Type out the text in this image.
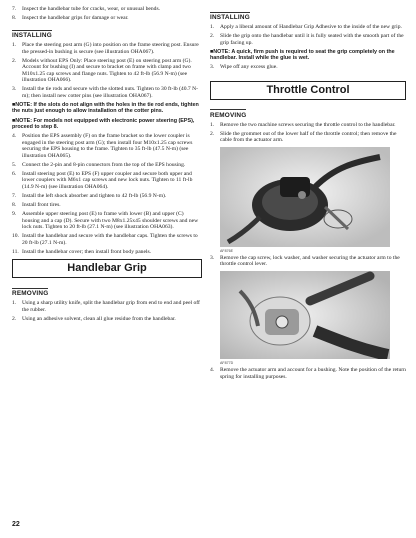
7. Inspect the handlebar tube for cracks, wear, or unusual bends.
8. Inspect the handlebar grips for damage or wear.
INSTALLING
1. Place the steering post arm (G) into position on the frame steering post. Ensure the pressed-in bushing is secure (see illustration OHA067).
2. Models without EPS Only: Place steering post (E) on steering post arm (G). Account for bushing (I) and secure to bracket on frame with clamp and two M10x1.25 cap screws and flange nuts. Tighten to 42 ft-lb (56.9 N-m) (see illustration OHA066).
3. Install the tie rods and secure with the slotted nuts. Tighten to 30 ft-lb (40.7 N-m); then install new cotter pins (see illustration OHA067).

■NOTE: If the slots do not align with the holes in the tie rod ends, tighten the nuts just enough to allow installation of the cotter pins.

■NOTE: For models not equipped with electronic power steering (EPS), proceed to step 8.

4. Position the EPS assembly (F) on the frame bracket so the lower coupler is engaged in the steering post arm (G); then install four M10x1.25 cap screws securing the EPS housing to the frame. Tighten to 35 ft-lb (47.5 N-m) (see illustration OHA065).
5. Connect the 2-pin and 8-pin connectors from the top of the EPS housing.
6. Install steering post (E) to EPS (F) upper coupler and secure both upper and lower couplers with M6x1 cap screws and new lock nuts. Tighten to 11 ft-lb (14.9 N-m) (see illustration OHA064).
7. Install the left shock absorber and tighten to 42 ft-lb (56.9 N-m).
8. Install front tires.
9. Assemble upper steering post (E) to frame with lower (B) and upper (C) housing and a cap (D). Secure with two M8x1.25x45 shoulder screws and new lock nuts. Tighten to 20 ft-lb (27.1 N-m) (see illustration OHA063).
10. Install the handlebar and secure with the handlebar caps. Tighten the screws to 20 ft-lb (27.1 N-m).
11. Install the handlebar cover; then install front body panels.
Handlebar Grip
REMOVING
1. Using a sharp utility knife, split the handlebar grip from end to end and peel off the rubber.
2. Using an adhesive solvent, clean all glue residue from the handlebar.
INSTALLING
1. Apply a liberal amount of Handlebar Grip Adhesive to the inside of the new grip.
2. Slide the grip onto the handlebar until it is fully seated with the smooth part of the grip facing up.

■NOTE: A quick, firm push is required to seat the grip completely on the handlebar. Install while the glue is wet.

3. Wipe off any excess glue.
Throttle Control
REMOVING
1. Remove the two machine screws securing the throttle control to the handlebar.
2. Slide the grommet out of the lower half of the throttle control; then remove the cable from the actuator arm.
AF876E
3. Remove the cap screw, lock washer, and washer securing the actuator arm to the throttle control lever.
AF877D
4. Remove the actuator arm and account for a bushing. Note the position of the return spring for installing purposes.
22
